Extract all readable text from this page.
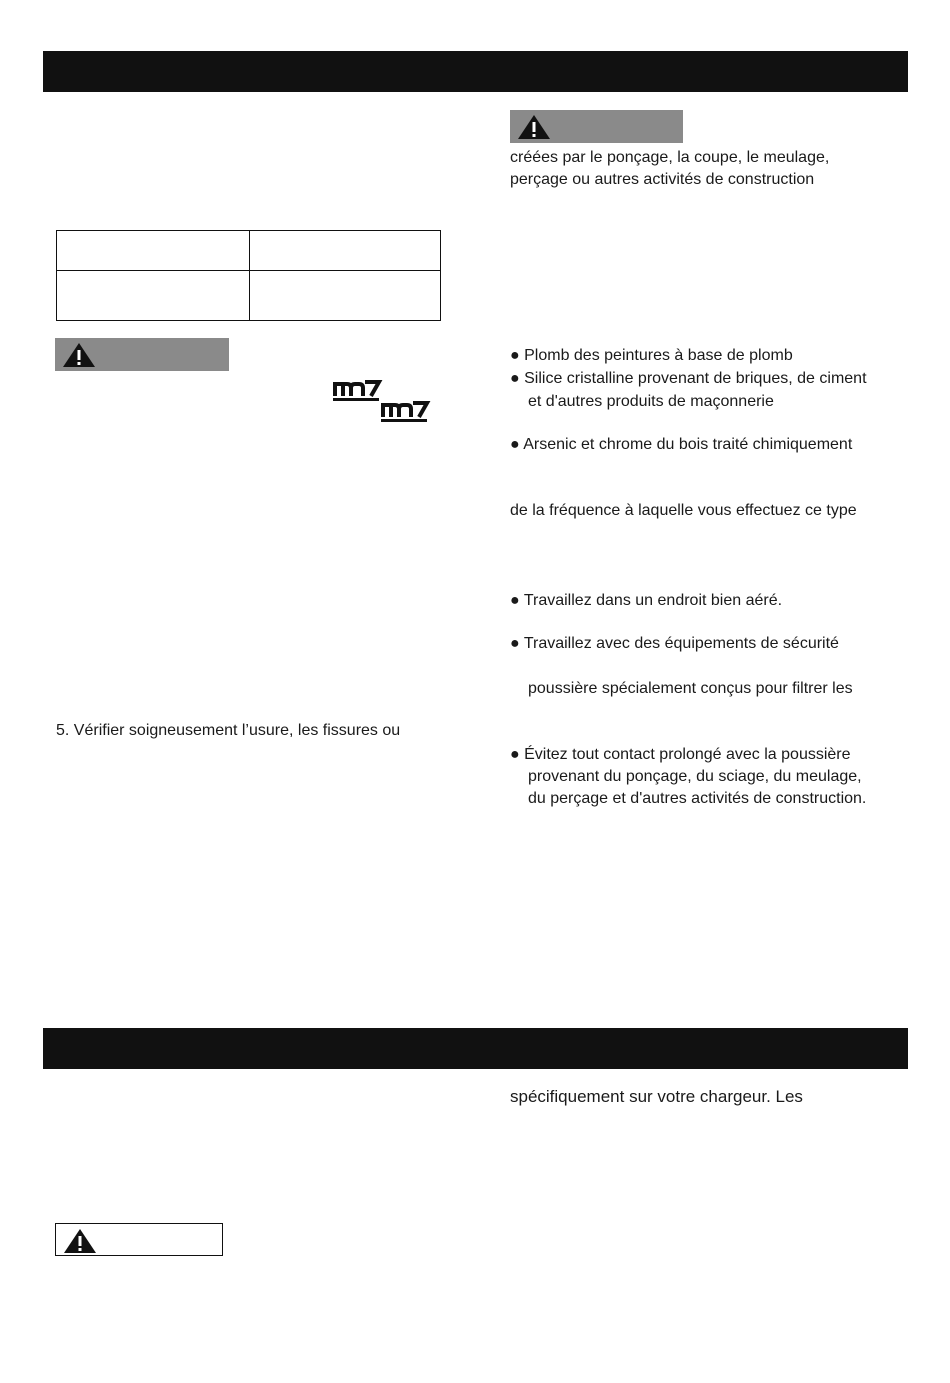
5. Vérifier soigneusement l’usure, les fissures ou
créées par le ponçage, la coupe, le meulage,
perçage ou autres activités de construction
● Plomb des peintures à base de plomb
● Silice cristalline provenant de briques, de ciment
et d'autres produits de maçonnerie
● Arsenic et chrome du bois traité chimiquement
de la fréquence à laquelle vous effectuez ce type
● Travaillez dans un endroit bien aéré.
● Travaillez avec des équipements de sécurité
poussière spécialement conçus pour filtrer les
● Évitez tout contact prolongé avec la poussière
provenant du ponçage, du sciage, du meulage,
du perçage et d'autres activités de construction.
spécifiquement sur votre chargeur. Les
